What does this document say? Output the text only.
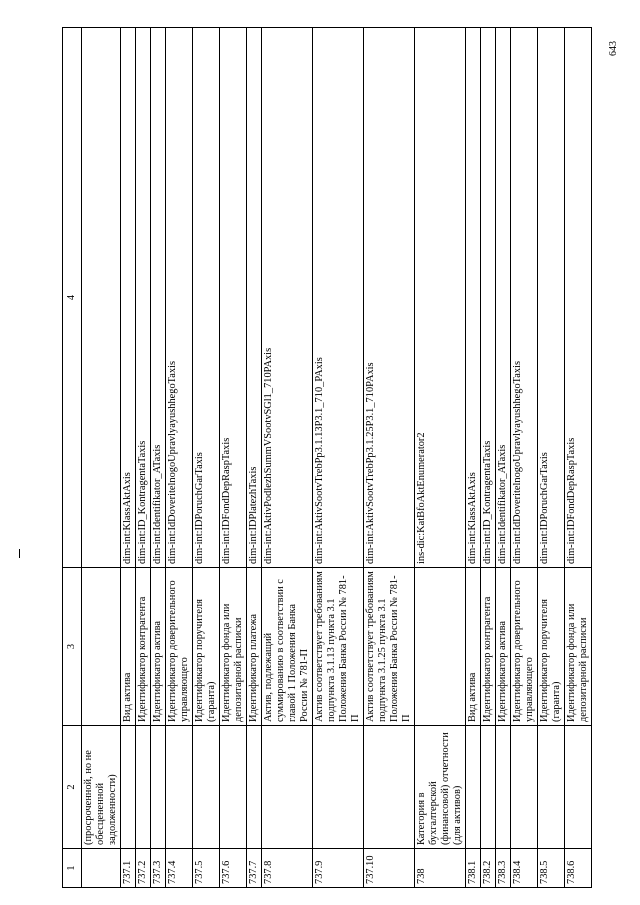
643
1	2	3	4
	(просроченной, но не обесцененной задолженности)		
737.1		Вид актива	dim-int:KlassAktAxis
737.2		Идентификатор контрагента	dim-int:ID_KontragentaTaxis
737.3		Идентификатор актива	dim-int:Identifikator_ATaxis
737.4		Идентификатор доверительного управляющего	dim-int:IdDoveritelnogoUpravlyayushhegoTaxis
737.5		Идентификатор поручителя (гаранта)	dim-int:IDPoruchGarTaxis
737.6		Идентификатор фонда или депозитарной расписки	dim-int:IDFondDepRaspTaxis
737.7		Идентификатор платежа	dim-int:IDPlatezhTaxis
737.8		Актив, подлежащий суммированию в соответствии с главой 1 Положения Банка России № 781-П	dim-int:AktivPodlezhSummVSootvSGl1_710PAxis
737.9		Актив соответствует требованиям подпункта 3.1.13 пункта 3.1 Положения Банка России № 781-П	dim-int:AktivSootvTrebPp3.1.13P3.1_710_PAxis
737.10		Актив соответствует требованиям подпункта 3.1.25 пункта 3.1 Положения Банка России № 781-П	dim-int:AktivSootvTrebPp3.1.25P3.1_710PAxis
738	Категория в бухгалтерской (финансовой) отчетности (для активов)		ins-dic:KatBfoAktEnumerator2
738.1		Вид актива	dim-int:KlassAktAxis
738.2		Идентификатор контрагента	dim-int:ID_KontragentaTaxis
738.3		Идентификатор актива	dim-int:Identifikator_ATaxis
738.4		Идентификатор доверительного управляющего	dim-int:IdDoveritelnogoUpravlyayushhegoTaxis
738.5		Идентификатор поручителя (гаранта)	dim-int:IDPoruchGarTaxis
738.6		Идентификатор фонда или депозитарной расписки	dim-int:IDFondDepRaspTaxis
